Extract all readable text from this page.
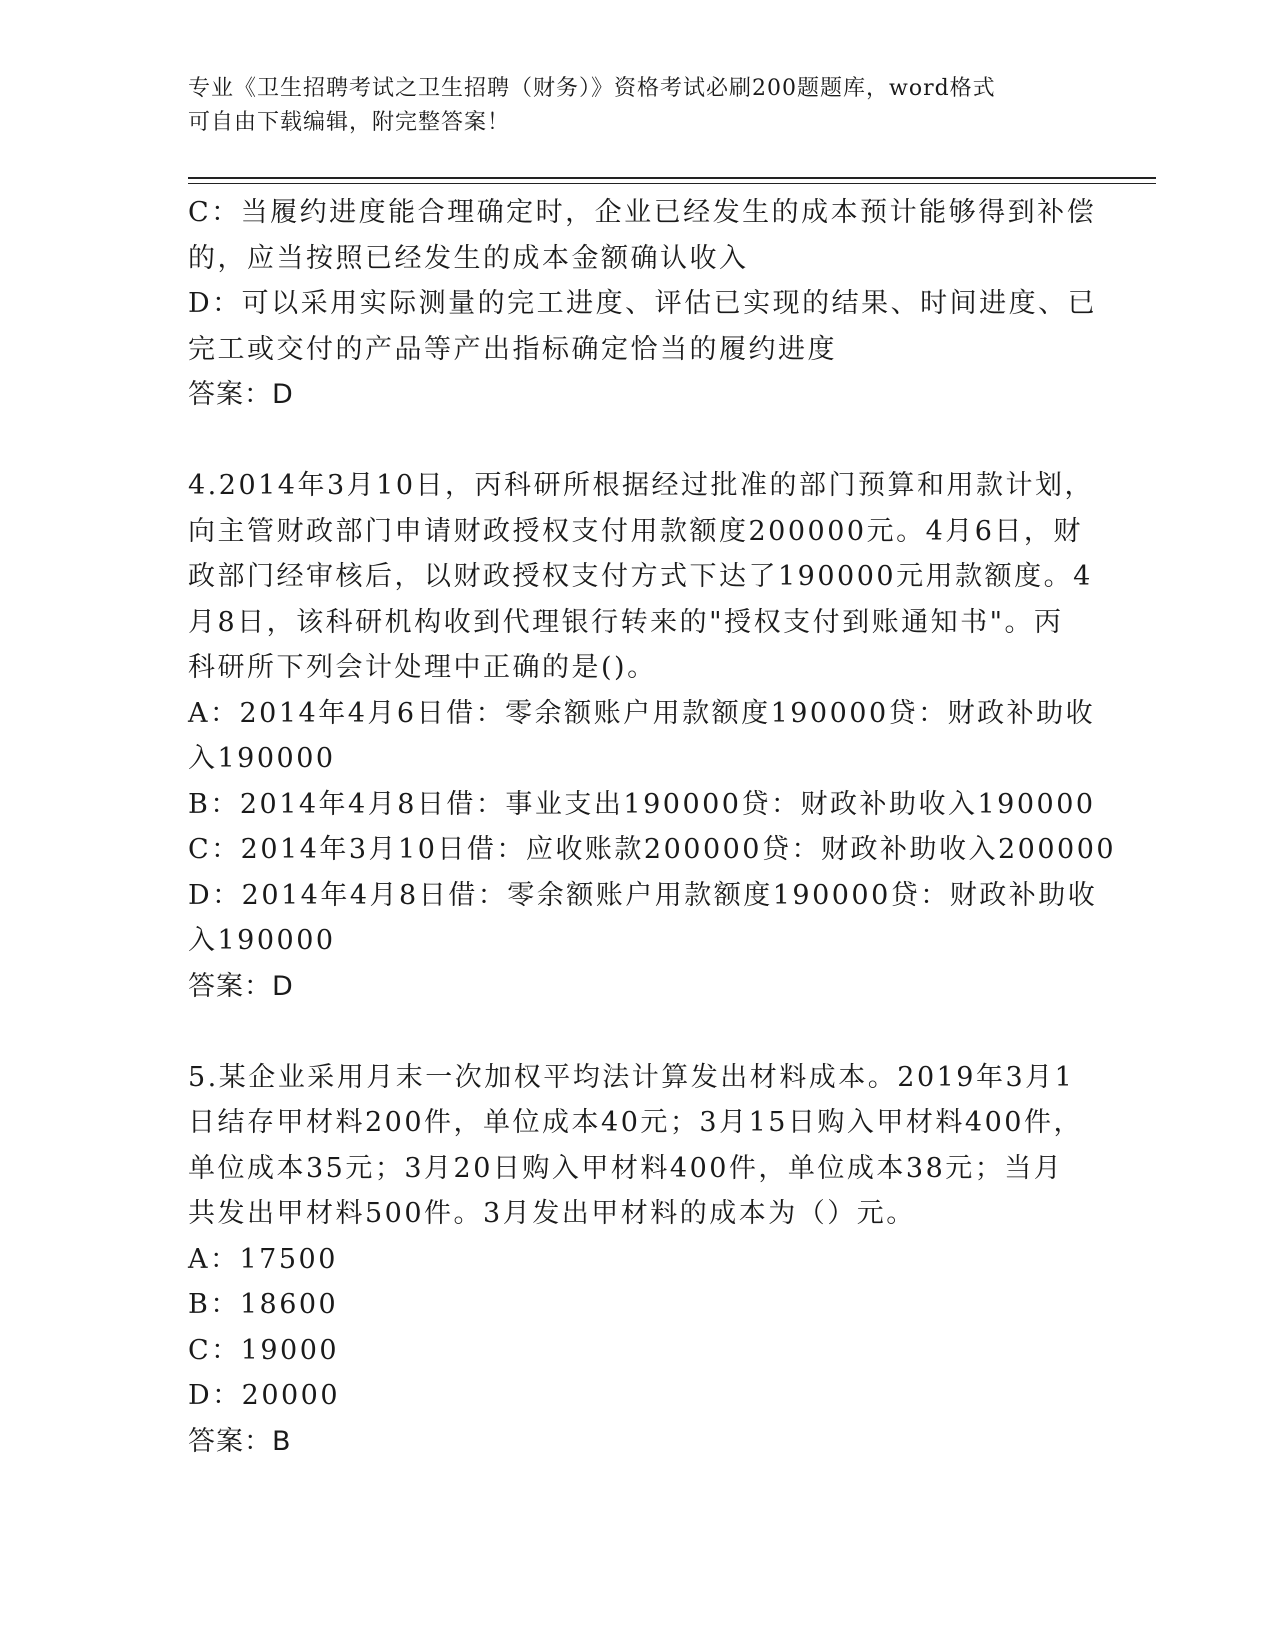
专业《卫生招聘考试之卫生招聘（财务）》资格考试必刷200题题库，word格式
可自由下载编辑，附完整答案！
C：当履约进度能合理确定时，企业已经发生的成本预计能够得到补偿
的，应当按照已经发生的成本金额确认收入
D：可以采用实际测量的完工进度、评估已实现的结果、时间进度、已
完工或交付的产品等产出指标确定恰当的履约进度
答案：D
4.2014年3月10日，丙科研所根据经过批准的部门预算和用款计划，
向主管财政部门申请财政授权支付用款额度200000元。4月6日，财
政部门经审核后，以财政授权支付方式下达了190000元用款额度。4
月8日，该科研机构收到代理银行转来的"授权支付到账通知书"。丙
科研所下列会计处理中正确的是()。
A：2014年4月6日借：零余额账户用款额度190000贷：财政补助收
入190000
B：2014年4月8日借：事业支出190000贷：财政补助收入190000
C：2014年3月10日借：应收账款200000贷：财政补助收入200000
D：2014年4月8日借：零余额账户用款额度190000贷：财政补助收
入190000
答案：D
5.某企业采用月末一次加权平均法计算发出材料成本。2019年3月1
日结存甲材料200件，单位成本40元；3月15日购入甲材料400件，
单位成本35元；3月20日购入甲材料400件，单位成本38元；当月
共发出甲材料500件。3月发出甲材料的成本为（）元。
A：17500
B：18600
C：19000
D：20000
答案：B
